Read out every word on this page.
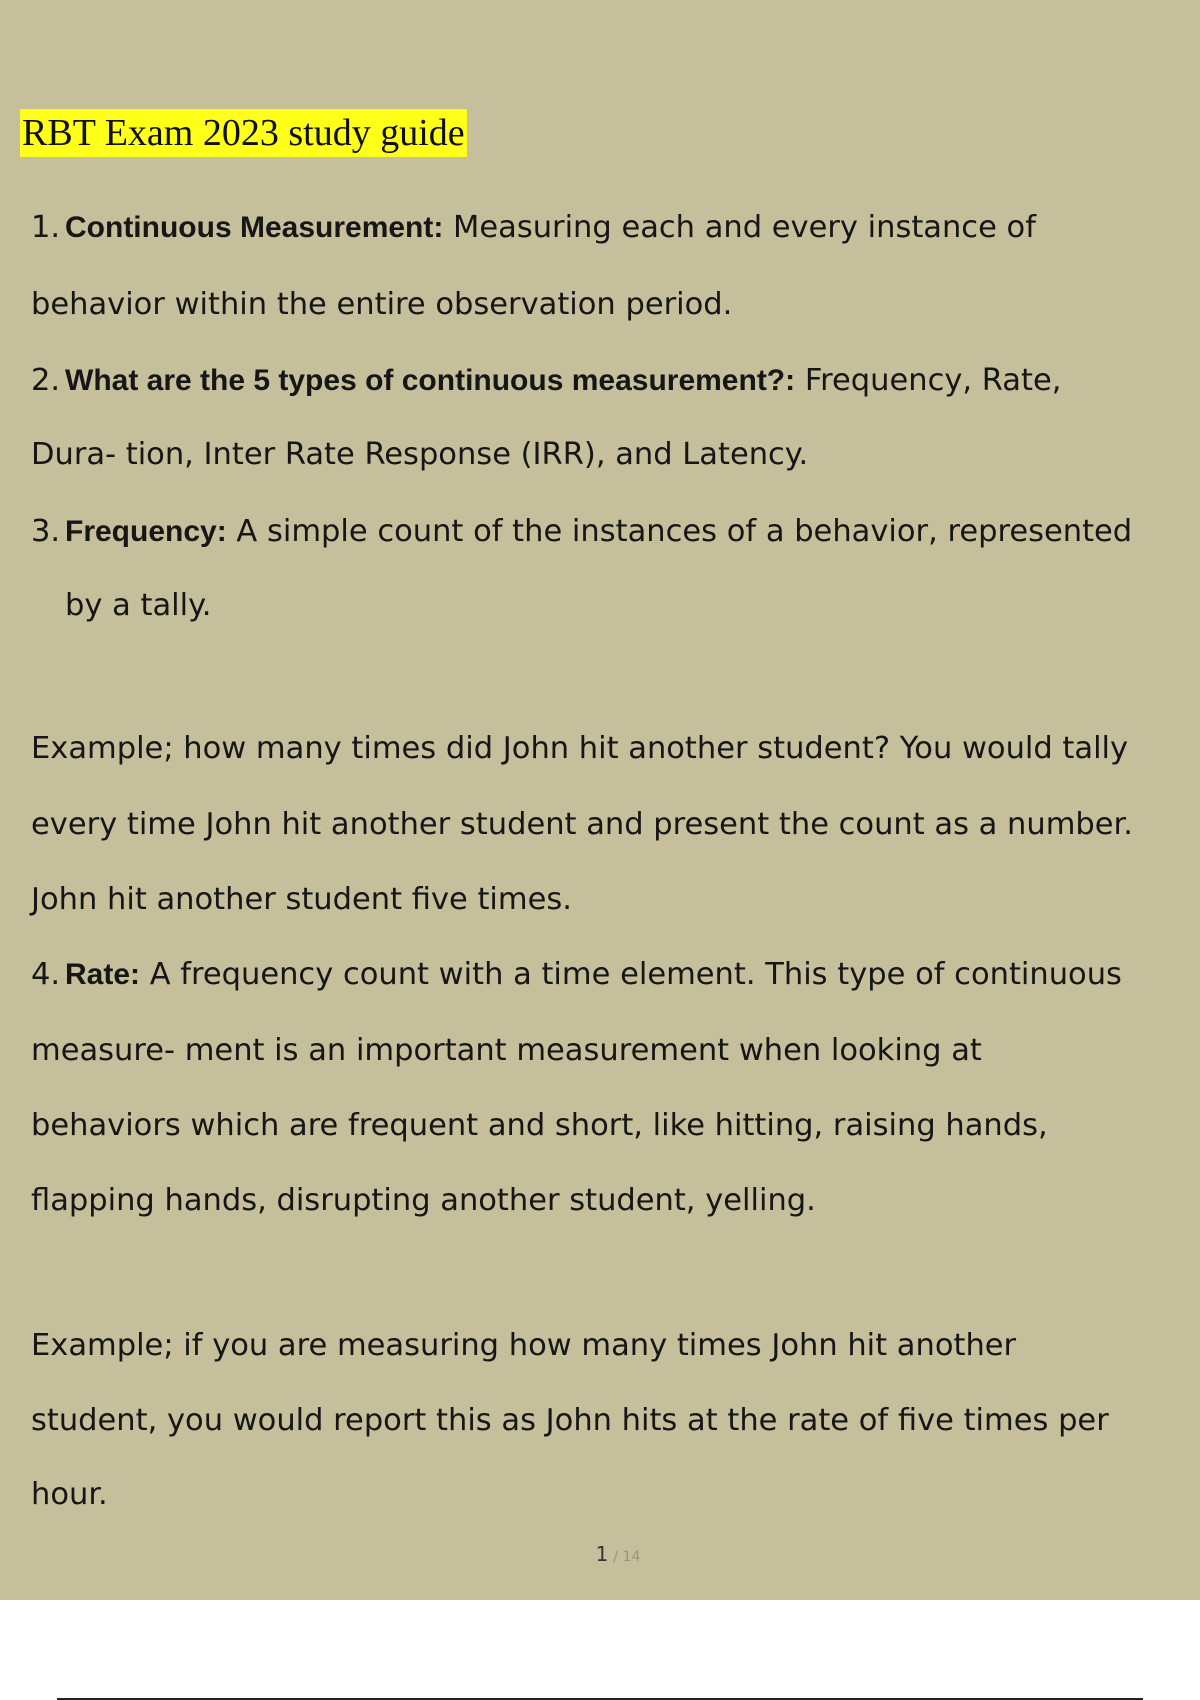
RBT Exam 2023 study guide
1. Continuous Measurement: Measuring each and every instance of
behavior within the entire observation period.
2. What are the 5 types of continuous measurement?: Frequency, Rate,
Dura- tion, Inter Rate Response (IRR), and Latency.
3. Frequency: A simple count of the instances of a behavior, represented
by a tally.
Example; how many times did John hit another student? You would tally
every time John hit another student and present the count as a number.
John hit another student five times.
4. Rate: A frequency count with a time element. This type of continuous
measure- ment is an important measurement when looking at
behaviors which are frequent and short, like hitting, raising hands,
flapping hands, disrupting another student, yelling.
Example; if you are measuring how many times John hit another
student, you would report this as John hits at the rate of five times per
hour.
1 / 14
